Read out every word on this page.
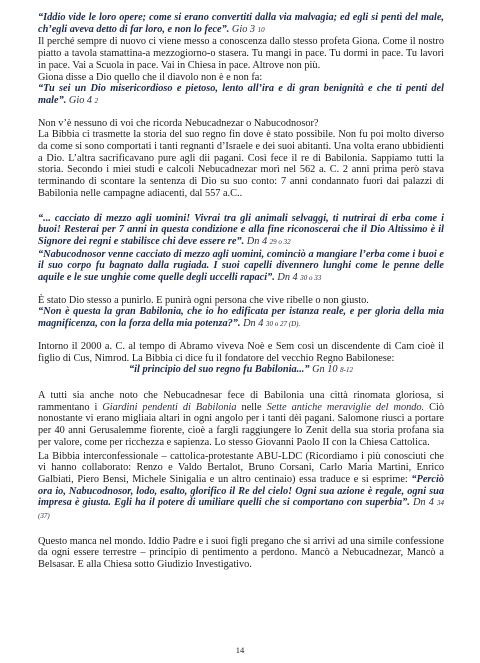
“Iddio vide le loro opere; come si erano convertiti dalla via malvagia; ed egli si pentì del male, ch’egli aveva detto di far loro, e non lo fece”. Gio 3 10

Il perché sempre di nuovo ci viene messo a conoscenza dallo stesso profeta Giona. Come il nostro piatto a tavola stamattina-a mezzogiorno-o stasera. Tu mangi in pace. Tu dormi in pace. Tu lavori in pace. Vai a Scuola in pace. Vai in Chiesa in pace. Altrove non più.

Giona disse a Dio quello che il diavolo non è e non fa:
“Tu sei un Dio misericordioso e pietoso, lento all’ira e di gran benignità e che ti penti del male”. Gio 4 2

Non v’è nessuno di voi che ricorda Nebucadnezar o Nabucodnosor?

La Bibbia ci trasmette la storia del suo regno fin dove è stato possibile. Non fu poi molto diverso da come si sono comportati i tanti regnanti d’Israele e dei suoi abitanti. Una volta erano ubbidienti a Dio. L’altra sacrificavano pure agli dii pagani. Così fece il re di Babilonia. Sappiamo tutti la storia. Secondo i miei studi e calcoli Nebucadnezar morì nel 562 a. C. 2 anni prima però stava terminando di scontare la sentenza di Dio su suo conto: 7 anni condannato fuori dai palazzi di Babilonia nelle campagne adiacenti, dal 557 a.C..

“... cacciato di mezzo agli uomini! Vivrai tra gli animali selvaggi, ti nutrirai di erba come i buoi! Resterai per 7 anni in questa condizione e alla fine riconoscerai che il Dio Altissimo è il Signore dei regni e stabilisce chi deve essere re”. Dn 4 29 o 32

“Nabucodnosor venne cacciato di mezzo agli uomini, cominciò a mangiare l’erba come i buoi e il suo corpo fu bagnato dalla rugiada. I suoi capelli divennero lunghi come le penne delle aquile e le sue unghie come quelle degli uccelli rapaci”. Dn 4 30 o 33

È stato Dio stesso a punirlo. E punirà ogni persona che vive ribelle o non giusto.

“Non è questa la gran Babilonia, che io ho edificata per istanza reale, e per gloria della mia magnificenza, con la forza della mia potenza?”. Dn 4 30 o 27 (D).

Intorno il 2000 a. C. al tempo di Abramo viveva Noè e Sem così un discendente di Cam cioè il figlio di Cus, Nimrod. La Bibbia ci dice fu il fondatore del vecchio Regno Babilonese:

“il principio del suo regno fu Babilonia...” Gn 10 8-12

A tutti sia anche noto che Nebucadnesar fece di Babilonia una città rinomata gloriosa, si rammentano i Giardini pendenti di Babilonia nelle Sette antiche meraviglie del mondo. Ciò nonostante vi erano migliaia altari in ogni angolo per i tanti dèi pagani. Salomone riuscì a portare per 40 anni Gerusalemme fiorente, cioè a fargli raggiungere lo Zenit della sua storia profana sia per valore, come per ricchezza e sapienza. Lo stesso Giovanni Paolo II con la Chiesa Cattolica.

La Bibbia interconfessionale – cattolica-protestante ABU-LDC (Ricordiamo i più conosciuti che vi hanno collaborato: Renzo e Valdo Bertalot, Bruno Corsani, Carlo Maria Martini, Enrico Galbiati, Piero Bensi, Michele Sinigalia e un altro centinaio) essa traduce e si esprime: “Perciò ora io, Nabucodnosor, lodo, esalto, glorifico il Re del cielo! Ogni sua azione è regale, ogni sua impresa è giusta. Egli ha il potere di umiliare quelli che si comportano con superbia”. Dn 4 34 (37)

Questo manca nel mondo. Iddio Padre e i suoi figli pregano che si arrivi ad una simile confessione da ogni essere terrestre – principio di pentimento a perdono. Mancò a Nebucadnezar, Mancò a Belsasar. E alla Chiesa sotto Giudizio Investigativo.

14
